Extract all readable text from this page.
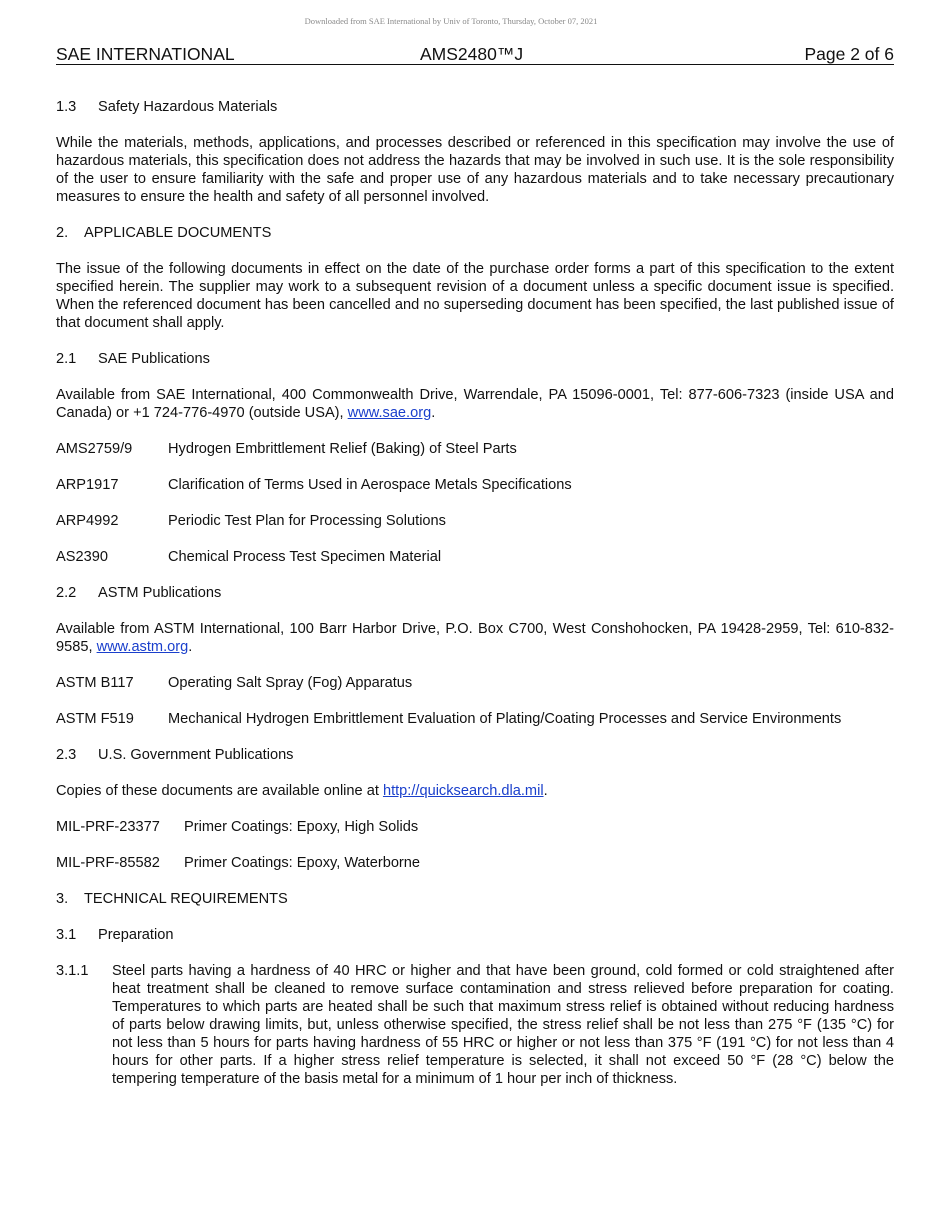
Downloaded from SAE International by Univ of Toronto, Thursday, October 07, 2021
SAE INTERNATIONAL	AMS2480™J	Page 2 of 6
1.3 Safety Hazardous Materials

While the materials, methods, applications, and processes described or referenced in this specification may involve the use of hazardous materials, this specification does not address the hazards that may be involved in such use. It is the sole responsibility of the user to ensure familiarity with the safe and proper use of any hazardous materials and to take necessary precautionary measures to ensure the health and safety of all personnel involved.

2. APPLICABLE DOCUMENTS

The issue of the following documents in effect on the date of the purchase order forms a part of this specification to the extent specified herein. The supplier may work to a subsequent revision of a document unless a specific document issue is specified. When the referenced document has been cancelled and no superseding document has been specified, the last published issue of that document shall apply.

2.1 SAE Publications

Available from SAE International, 400 Commonwealth Drive, Warrendale, PA 15096-0001, Tel: 877-606-7323 (inside USA and Canada) or +1 724-776-4970 (outside USA), www.sae.org.

AMS2759/9	Hydrogen Embrittlement Relief (Baking) of Steel Parts
ARP1917	Clarification of Terms Used in Aerospace Metals Specifications
ARP4992	Periodic Test Plan for Processing Solutions
AS2390	Chemical Process Test Specimen Material
2.2 ASTM Publications

Available from ASTM International, 100 Barr Harbor Drive, P.O. Box C700, West Conshohocken, PA 19428-2959, Tel: 610-832-9585, www.astm.org.

ASTM B117	Operating Salt Spray (Fog) Apparatus
ASTM F519	Mechanical Hydrogen Embrittlement Evaluation of Plating/Coating Processes and Service Environments
2.3 U.S. Government Publications

Copies of these documents are available online at http://quicksearch.dla.mil.

MIL-PRF-23377	Primer Coatings: Epoxy, High Solids
MIL-PRF-85582	Primer Coatings: Epoxy, Waterborne
3. TECHNICAL REQUIREMENTS
3.1 Preparation
3.1.1	Steel parts having a hardness of 40 HRC or higher and that have been ground, cold formed or cold straightened after heat treatment shall be cleaned to remove surface contamination and stress relieved before preparation for coating. Temperatures to which parts are heated shall be such that maximum stress relief is obtained without reducing hardness of parts below drawing limits, but, unless otherwise specified, the stress relief shall be not less than 275 °F (135 °C) for not less than 5 hours for parts having hardness of 55 HRC or higher or not less than 375 °F (191 °C) for not less than 4 hours for other parts. If a higher stress relief temperature is selected, it shall not exceed 50 °F (28 °C) below the tempering temperature of the basis metal for a minimum of 1 hour per inch of thickness.
